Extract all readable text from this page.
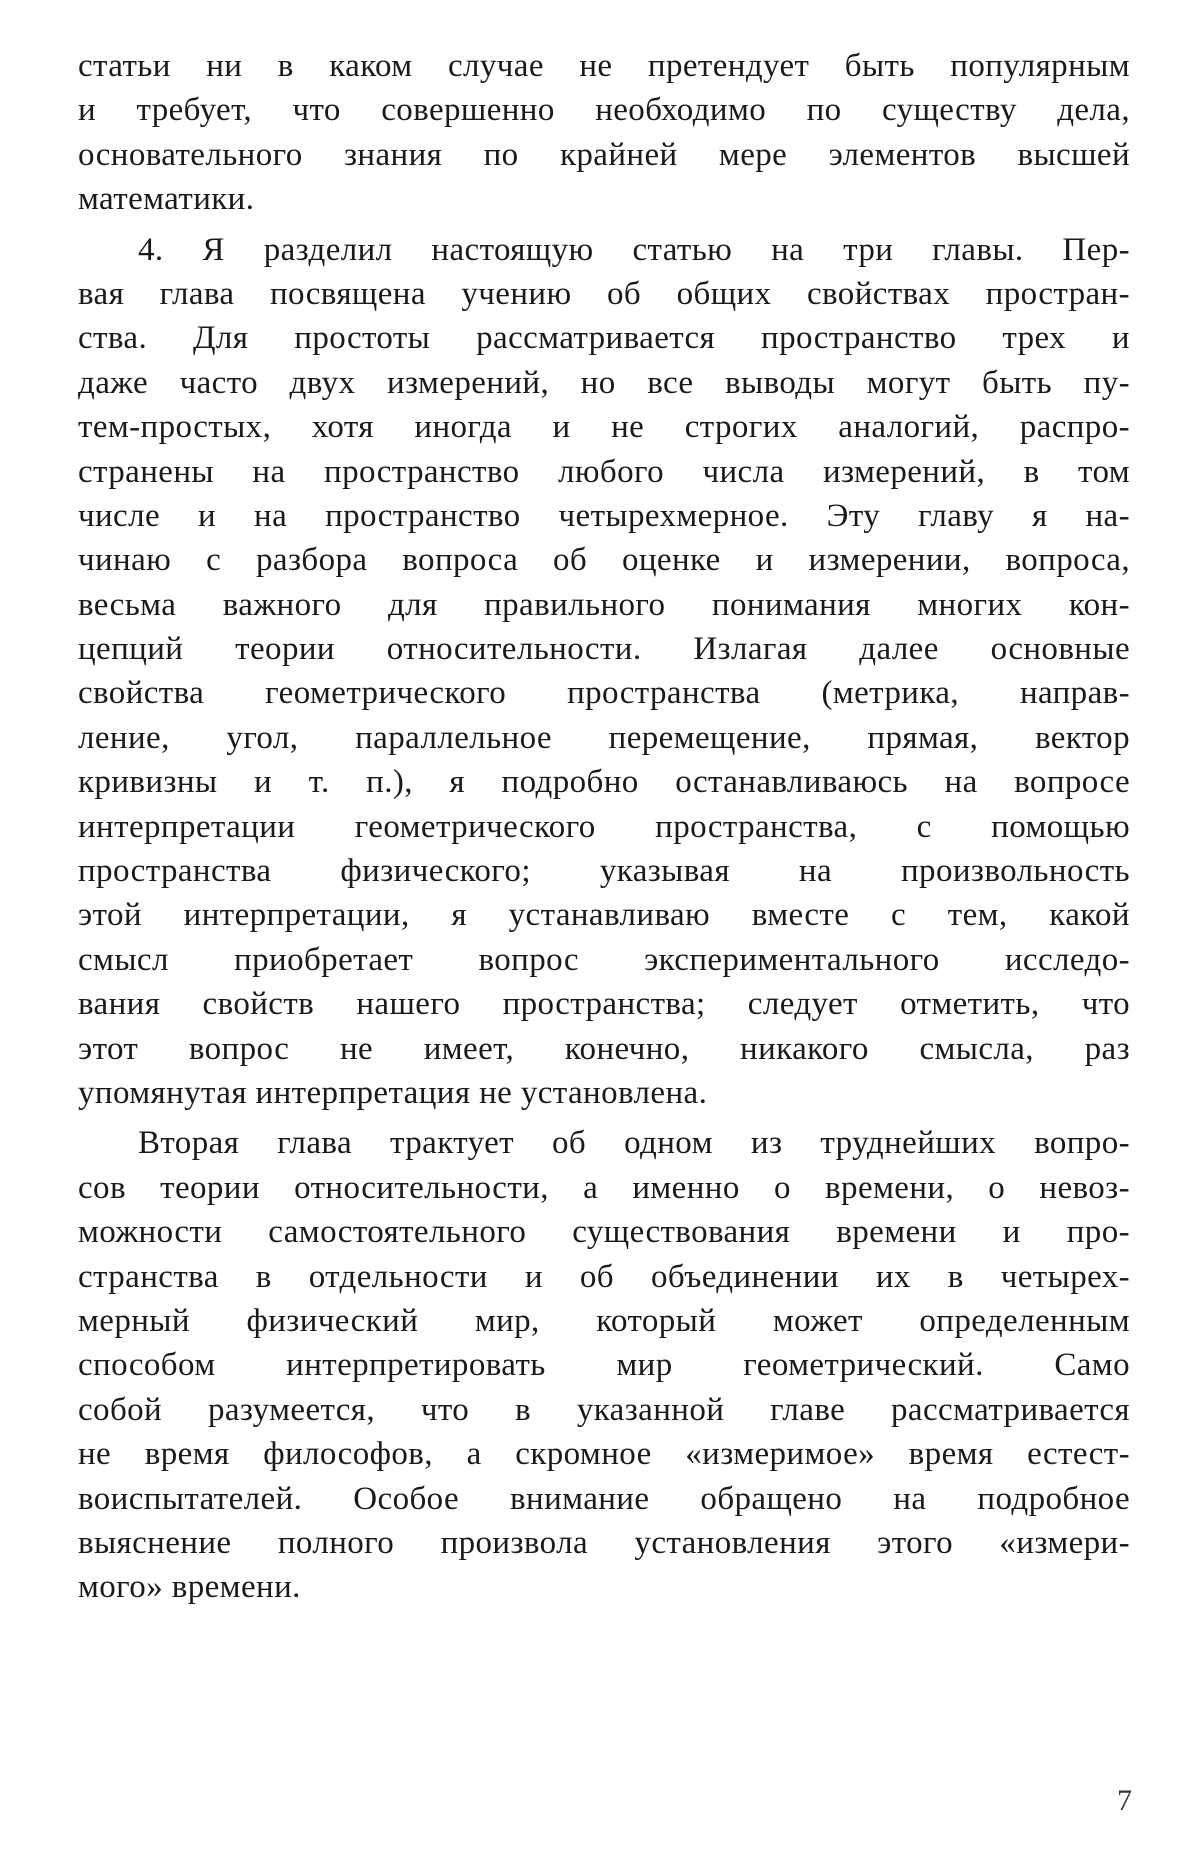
статьи ни в каком случае не претендует быть популярным
и требует, что совершенно необходимо по существу дела,
основательного знания по крайней мере элементов высшей
математики.
4. Я разделил настоящую статью на три главы. Пер-
вая глава посвящена учению об общих свойствах простран-
ства. Для простоты рассматривается пространство трех и
даже часто двух измерений, но все выводы могут быть пу-
тем-простых, хотя иногда и не строгих аналогий, распро-
странены на пространство любого числа измерений, в том
числе и на пространство четырехмерное. Эту главу я на-
чинаю с разбора вопроса об оценке и измерении, вопроса,
весьма важного для правильного понимания многих кон-
цепций теории относительности. Излагая далее основные
свойства геометрического пространства (метрика, направ-
ление, угол, параллельное перемещение, прямая, вектор
кривизны и т. п.), я подробно останавливаюсь на вопросе
интерпретации геометрического пространства, с помощью
пространства физического; указывая на произвольность
этой интерпретации, я устанавливаю вместе с тем, какой
смысл приобретает вопрос экспериментального исследо-
вания свойств нашего пространства; следует отметить, что
этот вопрос не имеет, конечно, никакого смысла, раз
упомянутая интерпретация не установлена.
Вторая глава трактует об одном из труднейших вопро-
сов теории относительности, а именно о времени, о невоз-
можности самостоятельного существования времени и про-
странства в отдельности и об объединении их в четырех-
мерный физический мир, который может определенным
способом интерпретировать мир геометрический. Само
собой разумеется, что в указанной главе рассматривается
не время философов, а скромное «измеримое» время естест-
воиспытателей. Особое внимание обращено на подробное
выяснение полного произвола установления этого «измери-
мого» времени.
7
